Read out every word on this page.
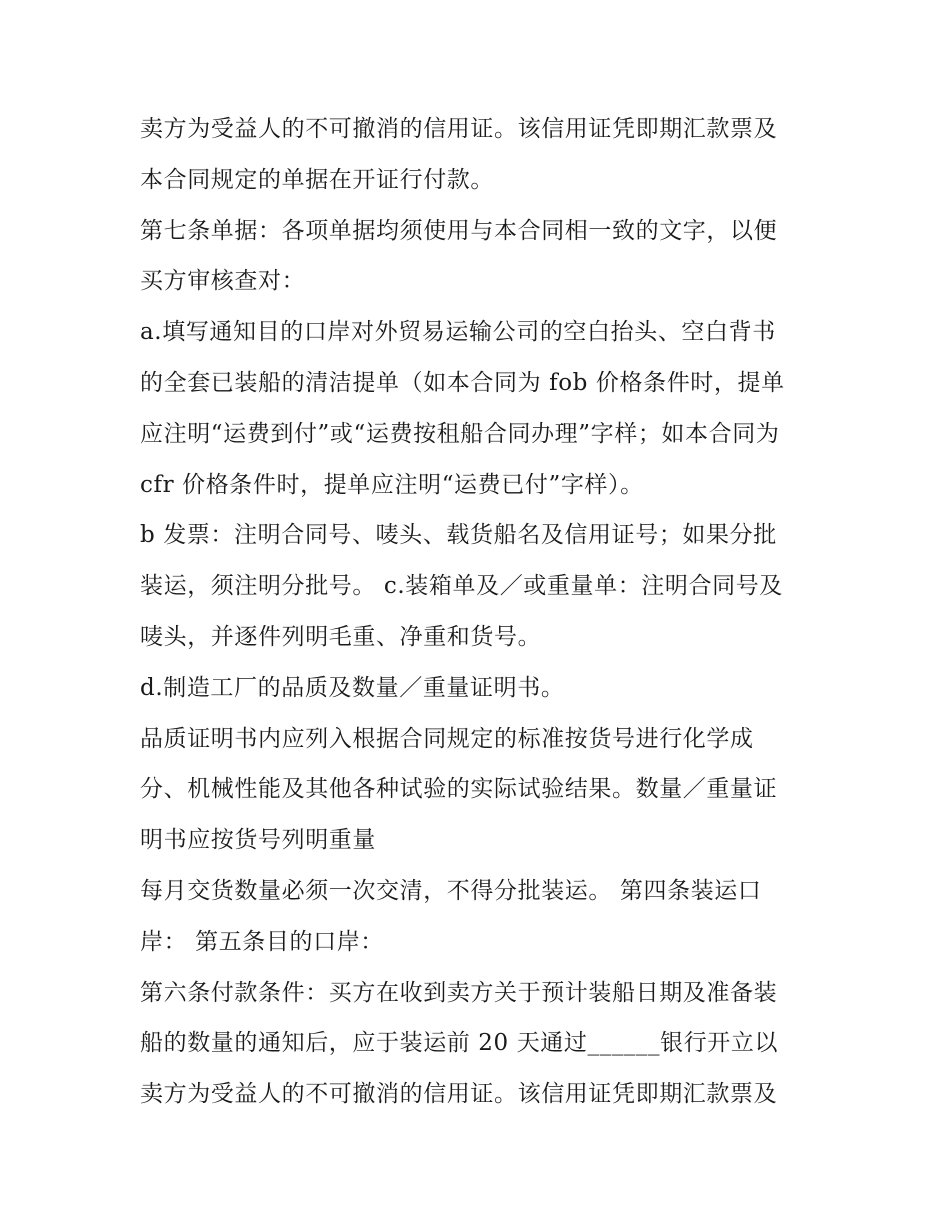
卖方为受益人的不可撤消的信用证。该信用证凭即期汇款票及
本合同规定的单据在开证行付款。
第七条单据：各项单据均须使用与本合同相一致的文字，以便
买方审核查对：
a.填写通知目的口岸对外贸易运输公司的空白抬头、空白背书
的全套已装船的清洁提单（如本合同为 fob 价格条件时，提单
应注明“运费到付”或“运费按租船合同办理”字样；如本合同为
cfr 价格条件时，提单应注明“运费已付”字样）。
b 发票：注明合同号、唛头、载货船名及信用证号；如果分批
装运，须注明分批号。 c.装箱单及／或重量单：注明合同号及
唛头，并逐件列明毛重、净重和货号。
d.制造工厂的品质及数量／重量证明书。
品质证明书内应列入根据合同规定的标准按货号进行化学成
分、机械性能及其他各种试验的实际试验结果。数量／重量证
明书应按货号列明重量
每月交货数量必须一次交清，不得分批装运。 第四条装运口
岸： 第五条目的口岸：
第六条付款条件：买方在收到卖方关于预计装船日期及准备装
船的数量的通知后，应于装运前 20 天通过______银行开立以
卖方为受益人的不可撤消的信用证。该信用证凭即期汇款票及
